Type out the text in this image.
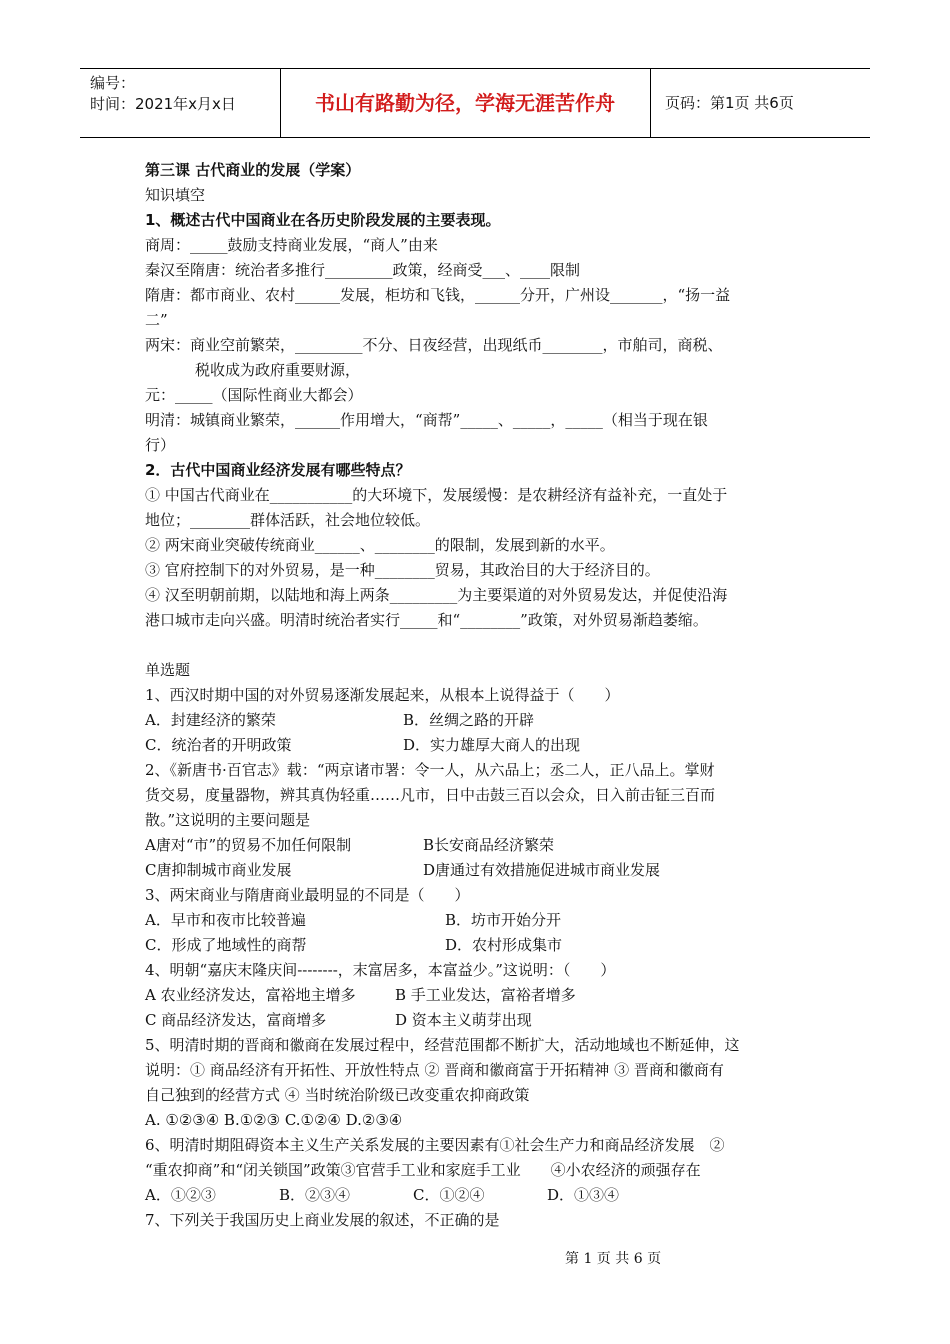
编号：
时间：2021年x月x日	书山有路勤为径，学海无涯苦作舟	页码：第1页 共6页
第三课 古代商业的发展（学案）
知识填空
1、概述古代中国商业在各历史阶段发展的主要表现。
商周：_____鼓励支持商业发展，“商人”由来
秦汉至隋唐：统治者多推行_________政策，经商受___、____限制
隋唐：都市商业、农村______发展，柜坊和飞钱，______分开，广州设_______，“扬一益
二”
两宋：商业空前繁荣，_________不分、日夜经营，出现纸币________，市舶司，商税、
税收成为政府重要财源，
元：_____（国际性商业大都会）
明清：城镇商业繁荣，______作用增大，“商帮”_____、_____，_____（相当于现在银
行）
2．古代中国商业经济发展有哪些特点？
① 中国古代商业在___________的大环境下，发展缓慢：是农耕经济有益补充，一直处于
地位；________群体活跃，社会地位较低。
② 两宋商业突破传统商业______、________的限制，发展到新的水平。
③ 官府控制下的对外贸易，是一种________贸易，其政治目的大于经济目的。
④ 汉至明朝前期，以陆地和海上两条_________为主要渠道的对外贸易发达，并促使沿海
港口城市走向兴盛。明清时统治者实行_____和“________”政策，对外贸易渐趋萎缩。
单选题
1、西汉时期中国的对外贸易逐渐发展起来，从根本上说得益于（　　）
A．封建经济的繁荣	B．丝绸之路的开辟
C．统治者的开明政策	D．实力雄厚大商人的出现
2、《新唐书·百官志》载：“两京诸市署：令一人，从六品上；丞二人，正八品上。掌财
货交易，度量器物，辨其真伪轻重……凡市，日中击鼓三百以会众，日入前击钲三百而
散。”这说明的主要问题是
A唐对“市”的贸易不加任何限制	B长安商品经济繁荣
C唐抑制城市商业发展	D唐通过有效措施促进城市商业发展
3、两宋商业与隋唐商业最明显的不同是（　　）
A．早市和夜市比较普遍	B．坊市开始分开
C．形成了地域性的商帮	D．农村形成集市
4、明朝“嘉庆末隆庆间--------，末富居多，本富益少。”这说明：（　　）
A 农业经济发达，富裕地主增多	B 手工业发达，富裕者增多
C 商品经济发达，富商增多	D 资本主义萌芽出现
5、明清时期的晋商和徽商在发展过程中，经营范围都不断扩大，活动地域也不断延伸，这
说明：① 商品经济有开拓性、开放性特点 ② 晋商和徽商富于开拓精神 ③ 晋商和徽商有
自己独到的经营方式 ④ 当时统治阶级已改变重农抑商政策
A. ①②③④ B.①②③ C.①②④ D.②③④
6、明清时期阻碍资本主义生产关系发展的主要因素有①社会生产力和商品经济发展　②
“重农抑商”和“闭关锁国”政策③官营手工业和家庭手工业　　④小农经济的顽强存在
A．①②③	B．②③④	C．①②④	D．①③④
7、下列关于我国历史上商业发展的叙述，不正确的是
第 1 页 共 6 页
